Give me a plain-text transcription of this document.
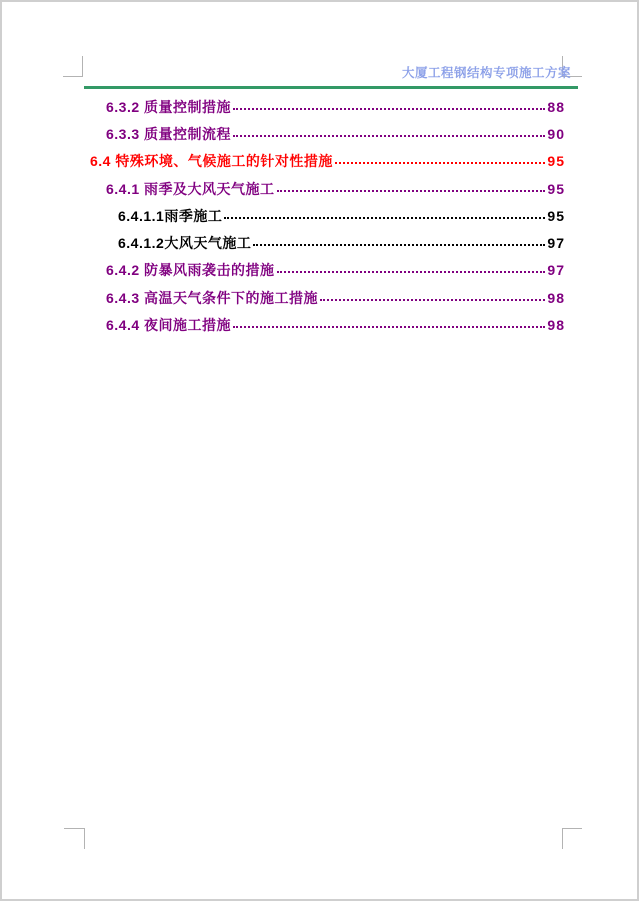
大厦工程钢结构专项施工方案
6.3.2 质量控制措施	88
6.3.3 质量控制流程	90
6.4 特殊环境、气候施工的针对性措施	95
6.4.1 雨季及大风天气施工	95
6.4.1.1雨季施工	95
6.4.1.2大风天气施工	97
6.4.2 防暴风雨袭击的措施	97
6.4.3 高温天气条件下的施工措施	98
6.4.4 夜间施工措施	98
